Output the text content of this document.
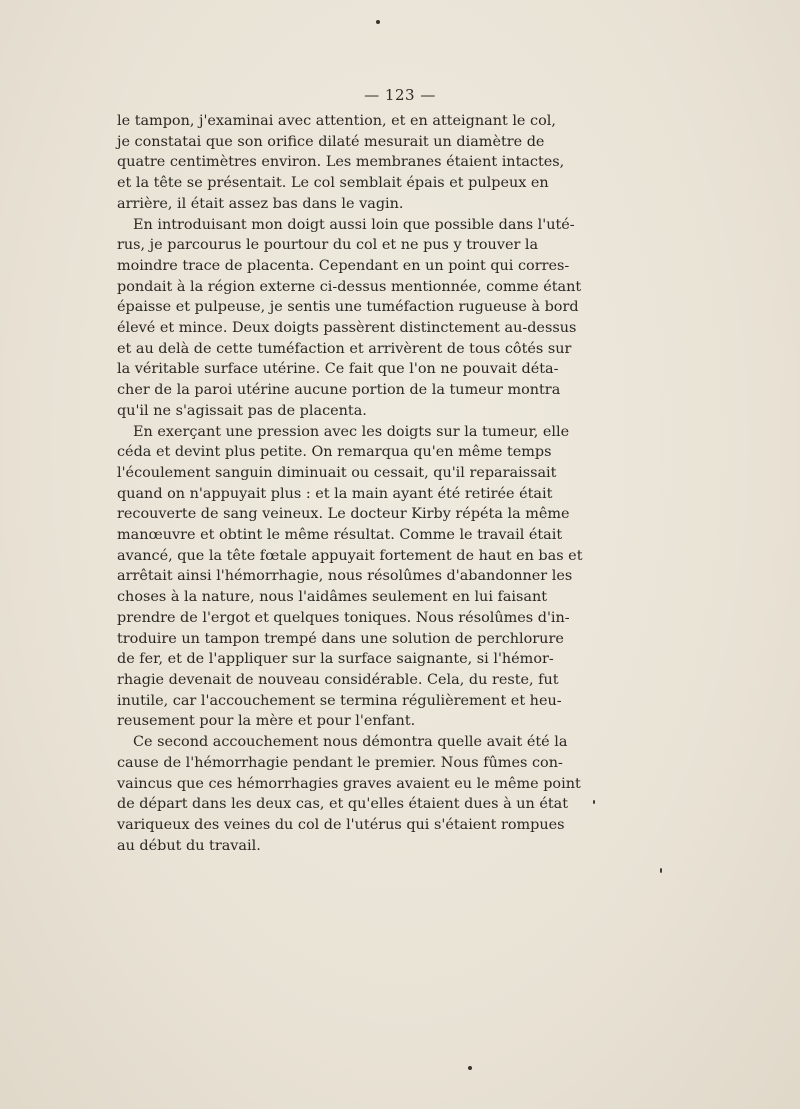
— 123 —
le tampon, j'examinai avec attention, et en atteignant le col,
je constatai que son orifice dilaté mesurait un diamètre de
quatre centimètres environ. Les membranes étaient intactes,
et la tête se présentait. Le col semblait épais et pulpeux en
arrière, il était assez bas dans le vagin.
En introduisant mon doigt aussi loin que possible dans l'uté-
rus, je parcourus le pourtour du col et ne pus y trouver la
moindre trace de placenta. Cependant en un point qui corres-
pondait à la région externe ci-dessus mentionnée, comme étant
épaisse et pulpeuse, je sentis une tuméfaction rugueuse à bord
élevé et mince. Deux doigts passèrent distinctement au-dessus
et au delà de cette tuméfaction et arrivèrent de tous côtés sur
la véritable surface utérine. Ce fait que l'on ne pouvait déta-
cher de la paroi utérine aucune portion de la tumeur montra
qu'il ne s'agissait pas de placenta.
En exerçant une pression avec les doigts sur la tumeur, elle
céda et devint plus petite. On remarqua qu'en même temps
l'écoulement sanguin diminuait ou cessait, qu'il reparaissait
quand on n'appuyait plus : et la main ayant été retirée était
recouverte de sang veineux. Le docteur Kirby répéta la même
manœuvre et obtint le même résultat. Comme le travail était
avancé, que la tête fœtale appuyait fortement de haut en bas et
arrêtait ainsi l'hémorrhagie, nous résolûmes d'abandonner les
choses à la nature, nous l'aidâmes seulement en lui faisant
prendre de l'ergot et quelques toniques. Nous résolûmes d'in-
troduire un tampon trempé dans une solution de perchlorure
de fer, et de l'appliquer sur la surface saignante, si l'hémor-
rhagie devenait de nouveau considérable. Cela, du reste, fut
inutile, car l'accouchement se termina régulièrement et heu-
reusement pour la mère et pour l'enfant.
Ce second accouchement nous démontra quelle avait été la
cause de l'hémorrhagie pendant le premier. Nous fûmes con-
vaincus que ces hémorrhagies graves avaient eu le même point
de départ dans les deux cas, et qu'elles étaient dues à un état
variqueux des veines du col de l'utérus qui s'étaient rompues
au début du travail.
